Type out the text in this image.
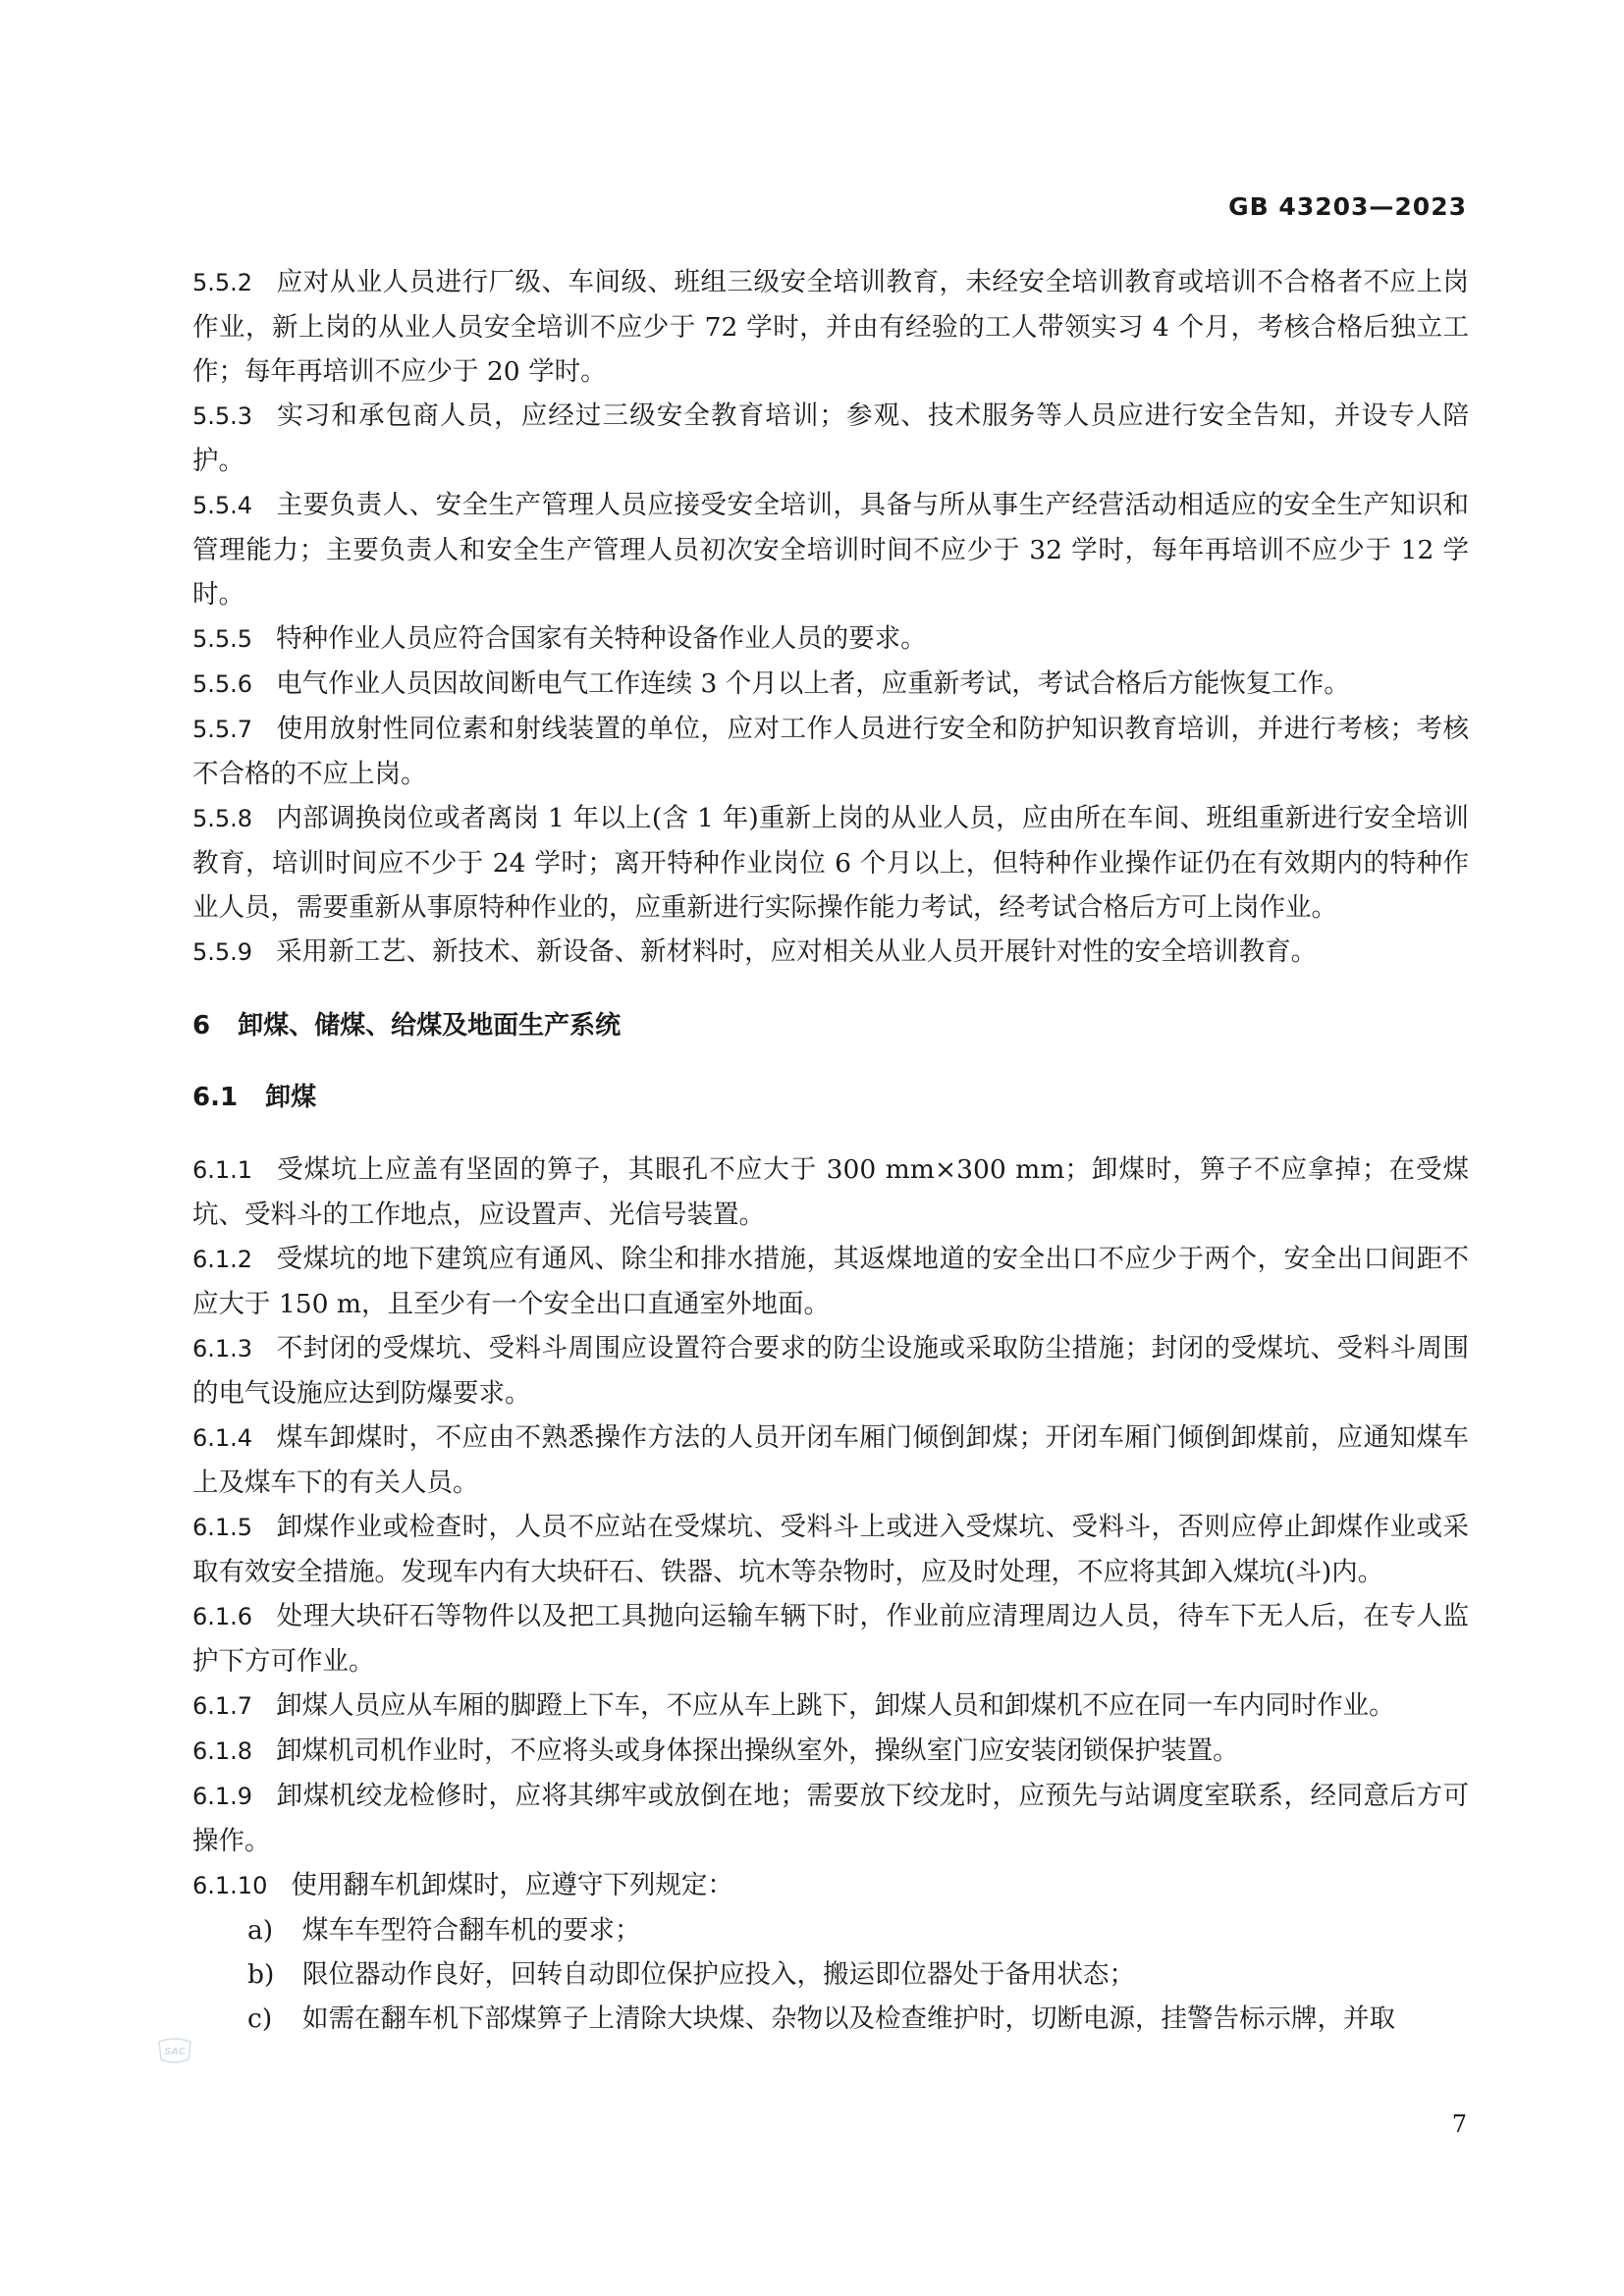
GB 43203—2023

5.5.2 应对从业人员进行厂级、车间级、班组三级安全培训教育，未经安全培训教育或培训不合格者不应上岗作业，新上岗的从业人员安全培训不应少于 72 学时，并由有经验的工人带领实习 4 个月，考核合格后独立工作；每年再培训不应少于 20 学时。

5.5.3 实习和承包商人员，应经过三级安全教育培训；参观、技术服务等人员应进行安全告知，并设专人陪护。

5.5.4 主要负责人、安全生产管理人员应接受安全培训，具备与所从事生产经营活动相适应的安全生产知识和管理能力；主要负责人和安全生产管理人员初次安全培训时间不应少于 32 学时，每年再培训不应少于 12 学时。

5.5.5 特种作业人员应符合国家有关特种设备作业人员的要求。

5.5.6 电气作业人员因故间断电气工作连续 3 个月以上者，应重新考试，考试合格后方能恢复工作。

5.5.7 使用放射性同位素和射线装置的单位，应对工作人员进行安全和防护知识教育培训，并进行考核；考核不合格的不应上岗。

5.5.8 内部调换岗位或者离岗 1 年以上(含 1 年)重新上岗的从业人员，应由所在车间、班组重新进行安全培训教育，培训时间应不少于 24 学时；离开特种作业岗位 6 个月以上，但特种作业操作证仍在有效期内的特种作业人员，需要重新从事原特种作业的，应重新进行实际操作能力考试，经考试合格后方可上岗作业。

5.5.9 采用新工艺、新技术、新设备、新材料时，应对相关从业人员开展针对性的安全培训教育。

6 卸煤、储煤、给煤及地面生产系统
6.1 卸煤

6.1.1 受煤坑上应盖有坚固的箅子，其眼孔不应大于 300 mm×300 mm；卸煤时，箅子不应拿掉；在受煤坑、受料斗的工作地点，应设置声、光信号装置。

6.1.2 受煤坑的地下建筑应有通风、除尘和排水措施，其返煤地道的安全出口不应少于两个，安全出口间距不应大于 150 m，且至少有一个安全出口直通室外地面。

6.1.3 不封闭的受煤坑、受料斗周围应设置符合要求的防尘设施或采取防尘措施；封闭的受煤坑、受料斗周围的电气设施应达到防爆要求。

6.1.4 煤车卸煤时，不应由不熟悉操作方法的人员开闭车厢门倾倒卸煤；开闭车厢门倾倒卸煤前，应通知煤车上及煤车下的有关人员。

6.1.5 卸煤作业或检查时，人员不应站在受煤坑、受料斗上或进入受煤坑、受料斗，否则应停止卸煤作业或采取有效安全措施。发现车内有大块矸石、铁器、坑木等杂物时，应及时处理，不应将其卸入煤坑(斗)内。

6.1.6 处理大块矸石等物件以及把工具抛向运输车辆下时，作业前应清理周边人员，待车下无人后，在专人监护下方可作业。

6.1.7 卸煤人员应从车厢的脚蹬上下车，不应从车上跳下，卸煤人员和卸煤机不应在同一车内同时作业。

6.1.8 卸煤机司机作业时，不应将头或身体探出操纵室外，操纵室门应安装闭锁保护装置。

6.1.9 卸煤机绞龙检修时，应将其绑牢或放倒在地；需要放下绞龙时，应预先与站调度室联系，经同意后方可操作。

6.1.10 使用翻车机卸煤时，应遵守下列规定：

a) 煤车车型符合翻车机的要求；

b) 限位器动作良好，回转自动即位保护应投入，搬运即位器处于备用状态；

c) 如需在翻车机下部煤箅子上清除大块煤、杂物以及检查维护时，切断电源，挂警告标示牌，并取

SAC
7
